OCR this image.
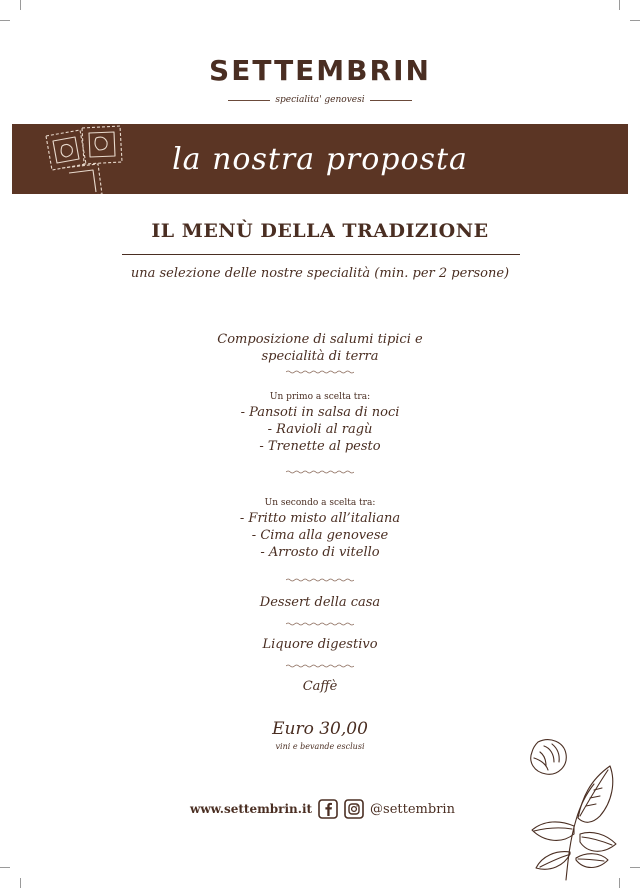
SETTEMBRIN
specialita' genovesi
la nostra proposta
IL MENÙ DELLA TRADIZIONE
una selezione delle nostre specialità (min. per 2 persone)
Composizione di salumi tipici e
specialità di terra
Un primo a scelta tra:
- Pansoti in salsa di noci
- Ravioli al ragù
- Trenette al pesto
Un secondo a scelta tra:
- Fritto misto all’italiana
- Cima alla genovese
- Arrosto di vitello
Dessert della casa
Liquore digestivo
Caffè
Euro 30,00
vini e bevande esclusi
www.settembrin.it	@settembrin
